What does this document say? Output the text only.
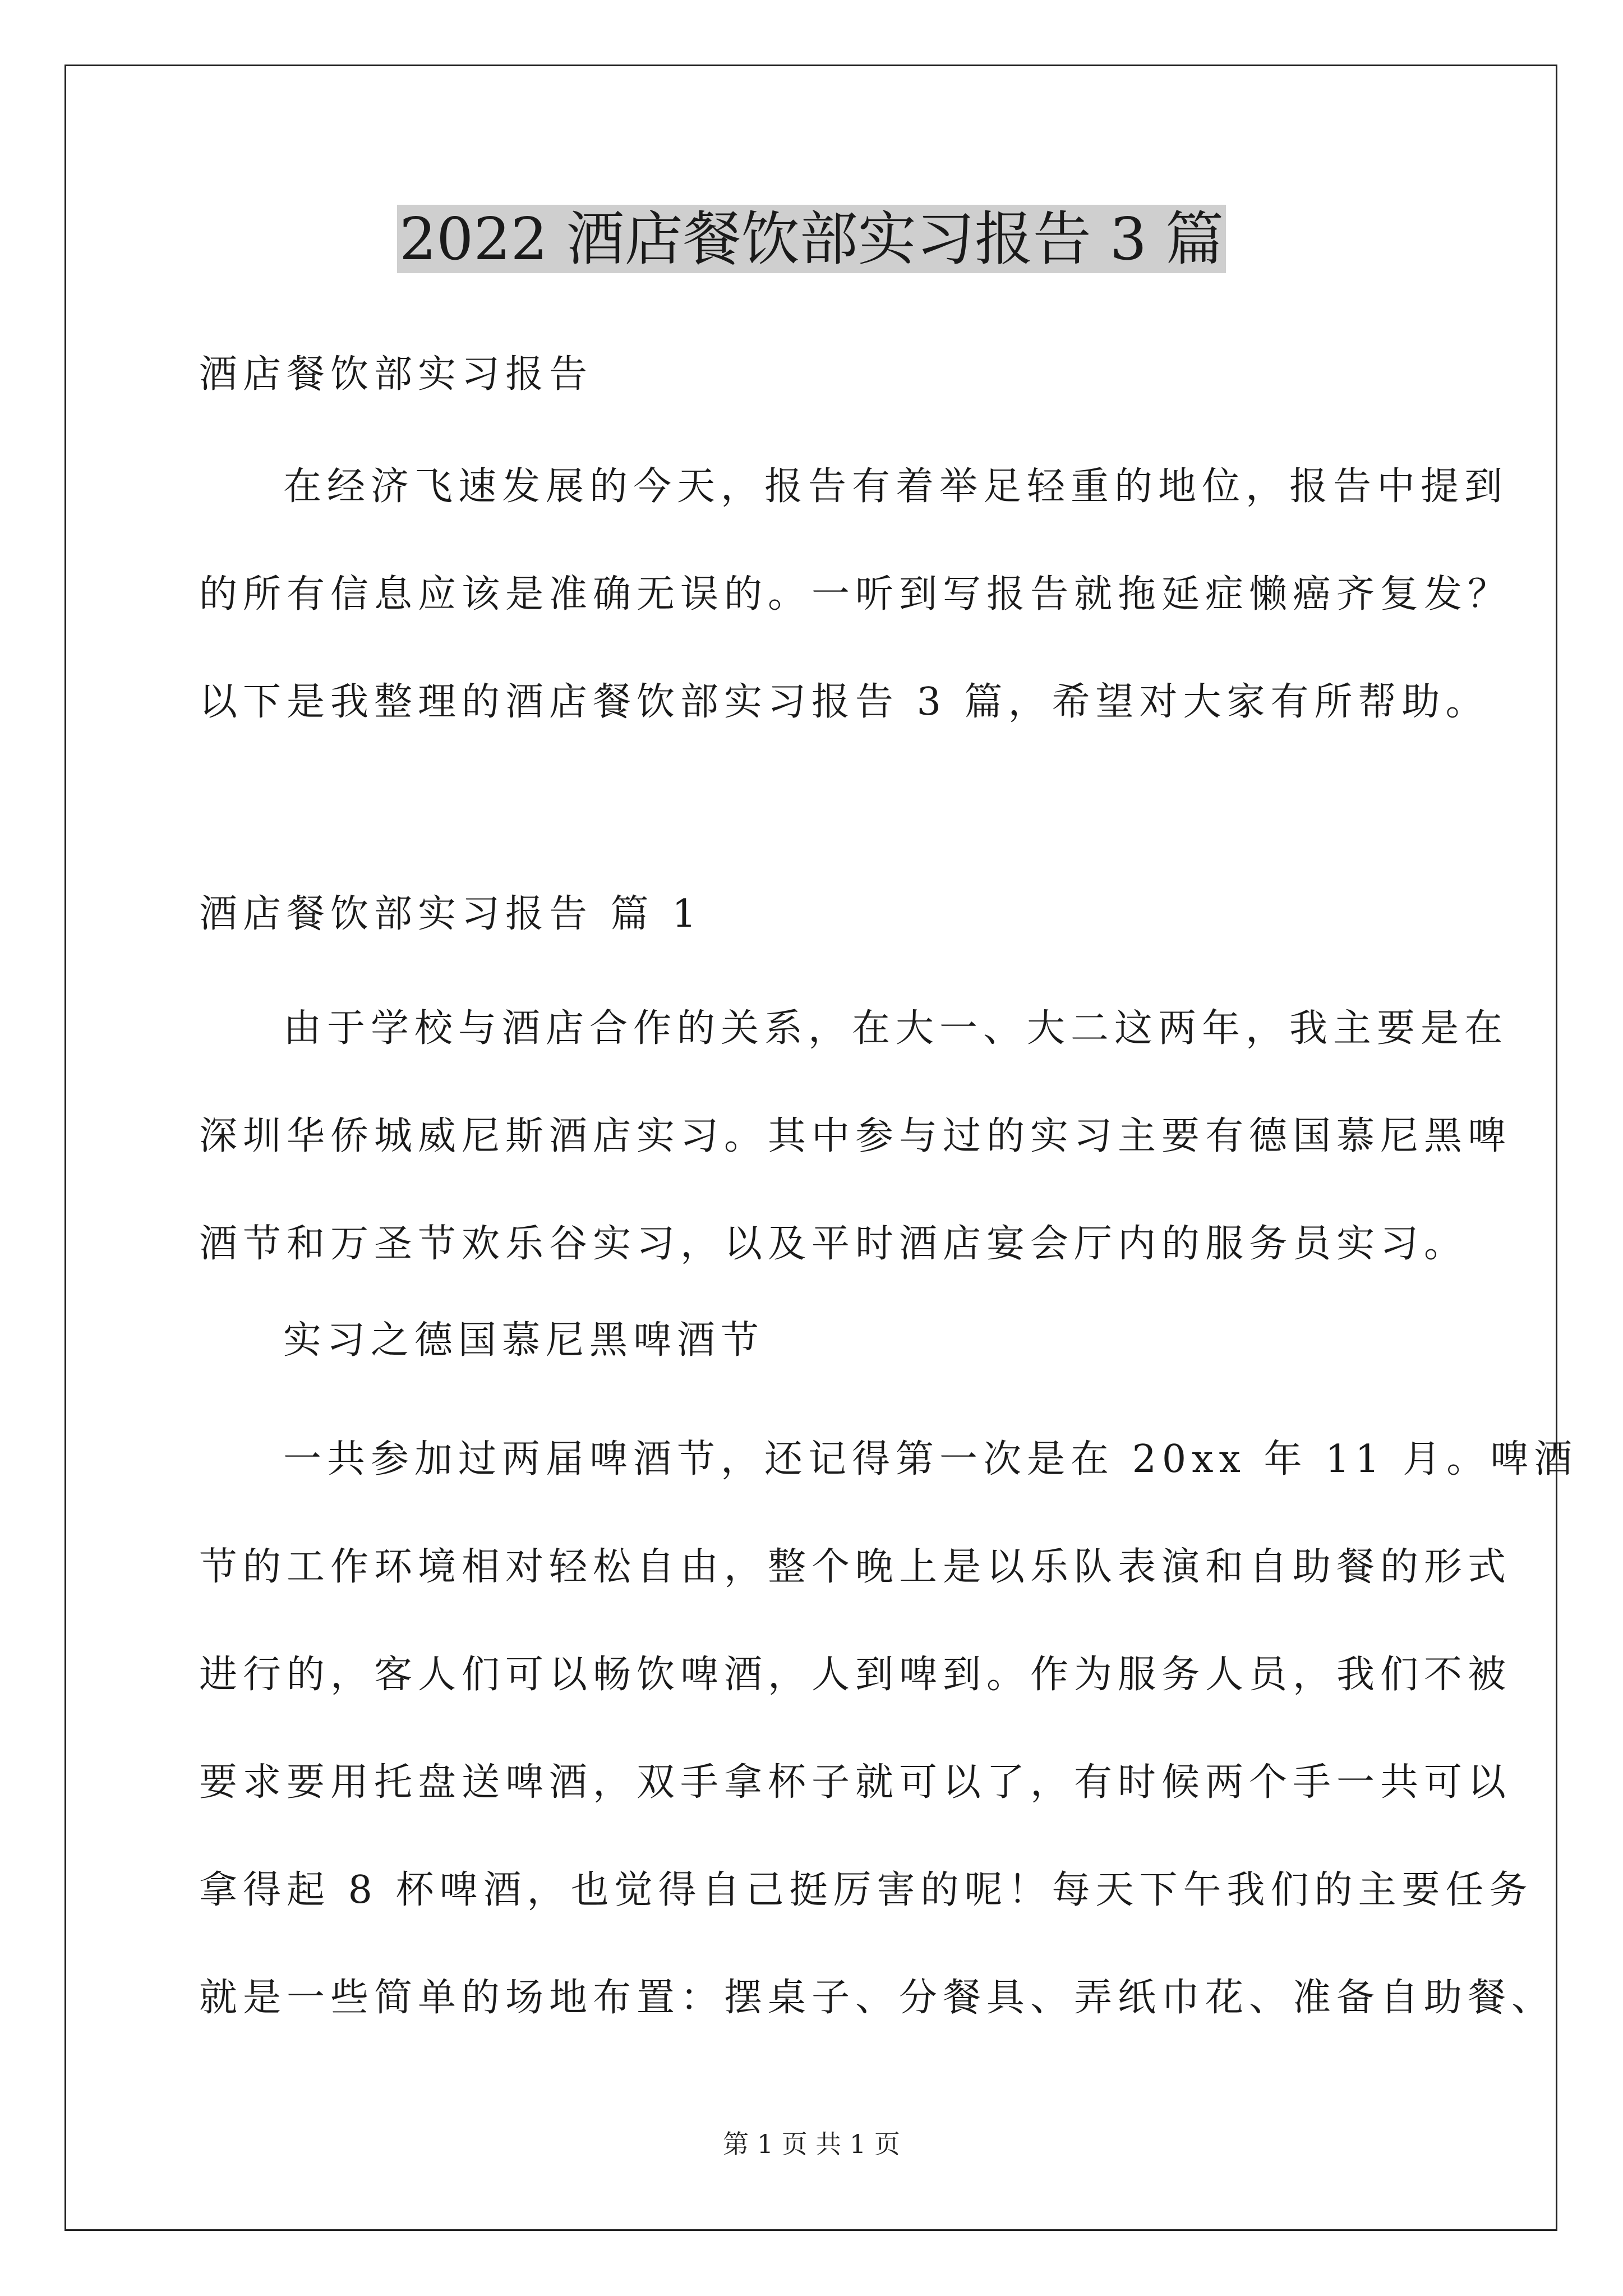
2022 酒店餐饮部实习报告 3 篇
酒店餐饮部实习报告

在经济飞速发展的今天，报告有着举足轻重的地位，报告中提到

的所有信息应该是准确无误的。一听到写报告就拖延症懒癌齐复发？

以下是我整理的酒店餐饮部实习报告 3 篇，希望对大家有所帮助。

酒店餐饮部实习报告 篇 1

由于学校与酒店合作的关系，在大一、大二这两年，我主要是在

深圳华侨城威尼斯酒店实习。其中参与过的实习主要有德国慕尼黑啤

酒节和万圣节欢乐谷实习，以及平时酒店宴会厅内的服务员实习。

实习之德国慕尼黑啤酒节

一共参加过两届啤酒节，还记得第一次是在 20xx 年 11 月。啤酒

节的工作环境相对轻松自由，整个晚上是以乐队表演和自助餐的形式

进行的，客人们可以畅饮啤酒，人到啤到。作为服务人员，我们不被

要求要用托盘送啤酒，双手拿杯子就可以了，有时候两个手一共可以

拿得起 8 杯啤酒，也觉得自己挺厉害的呢！每天下午我们的主要任务

就是一些简单的场地布置：摆桌子、分餐具、弄纸巾花、准备自助餐、

第 1 页 共 1 页
